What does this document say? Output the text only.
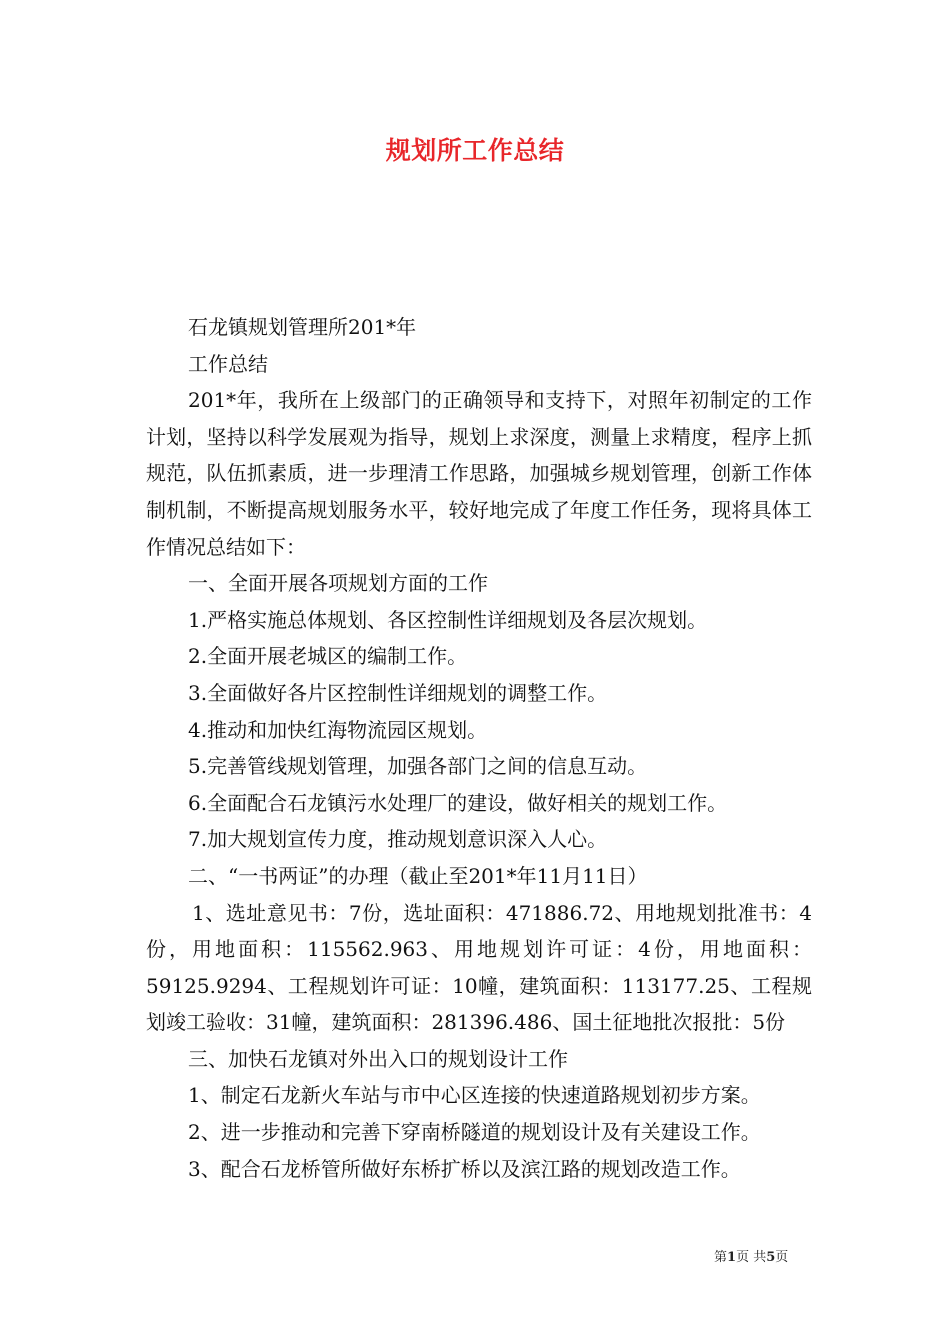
规划所工作总结

石龙镇规划管理所201*年

工作总结

201*年，我所在上级部门的正确领导和支持下，对照年初制定的工作计划，坚持以科学发展观为指导，规划上求深度，测量上求精度，程序上抓规范，队伍抓素质，进一步理清工作思路，加强城乡规划管理，创新工作体制机制，不断提高规划服务水平，较好地完成了年度工作任务，现将具体工作情况总结如下：

一、全面开展各项规划方面的工作

1.严格实施总体规划、各区控制性详细规划及各层次规划。

2.全面开展老城区的编制工作。

3.全面做好各片区控制性详细规划的调整工作。

4.推动和加快红海物流园区规划。

5.完善管线规划管理，加强各部门之间的信息互动。

6.全面配合石龙镇污水处理厂的建设，做好相关的规划工作。

7.加大规划宣传力度，推动规划意识深入人心。

二、“一书两证”的办理（截止至201*年11月11日）

1、选址意见书：7份，选址面积：471886.72、用地规划批准书：4份，用地面积：115562.963、用地规划许可证：4份，用地面积：59125.9294、工程规划许可证：10幢，建筑面积：113177.25、工程规划竣工验收：31幢，建筑面积：281396.486、国土征地批次报批：5份

三、加快石龙镇对外出入口的规划设计工作

1、制定石龙新火车站与市中心区连接的快速道路规划初步方案。

2、进一步推动和完善下穿南桥隧道的规划设计及有关建设工作。

3、配合石龙桥管所做好东桥扩桥以及滨江路的规划改造工作。

第1页 共5页
